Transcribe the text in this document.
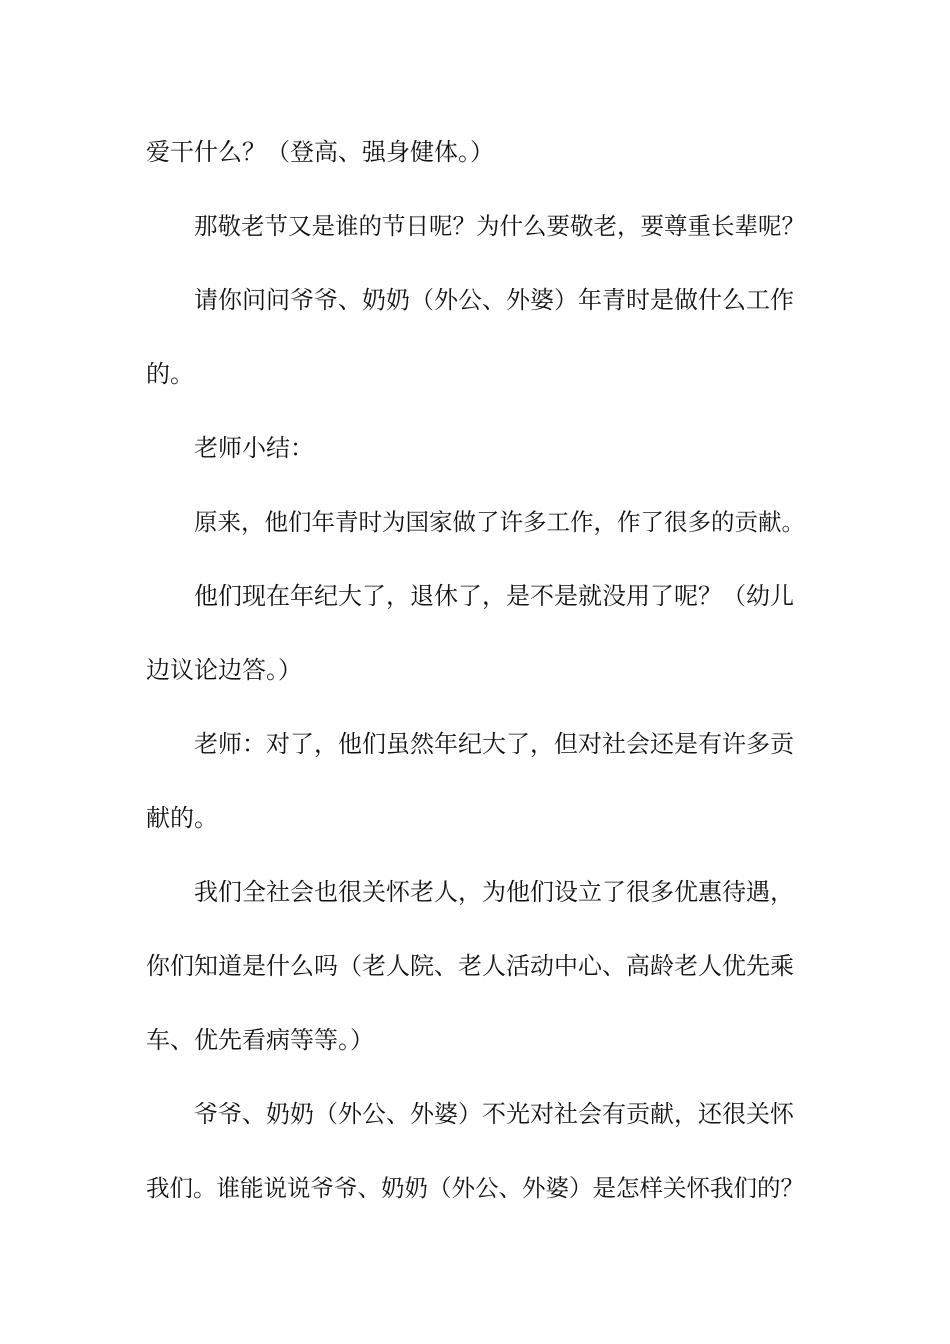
爱干什么？（登高、强身健体。）
那敬老节又是谁的节日呢？为什么要敬老，要尊重长辈呢？
请你问问爷爷、奶奶（外公、外婆）年青时是做什么工作
的。
老师小结：
原来，他们年青时为国家做了许多工作，作了很多的贡献。
他们现在年纪大了，退休了，是不是就没用了呢？（幼儿
边议论边答。）
老师：对了，他们虽然年纪大了，但对社会还是有许多贡
献的。
我们全社会也很关怀老人，为他们设立了很多优惠待遇，
你们知道是什么吗（老人院、老人活动中心、高龄老人优先乘
车、优先看病等等。）
爷爷、奶奶（外公、外婆）不光对社会有贡献，还很关怀
我们。谁能说说爷爷、奶奶（外公、外婆）是怎样关怀我们的？
